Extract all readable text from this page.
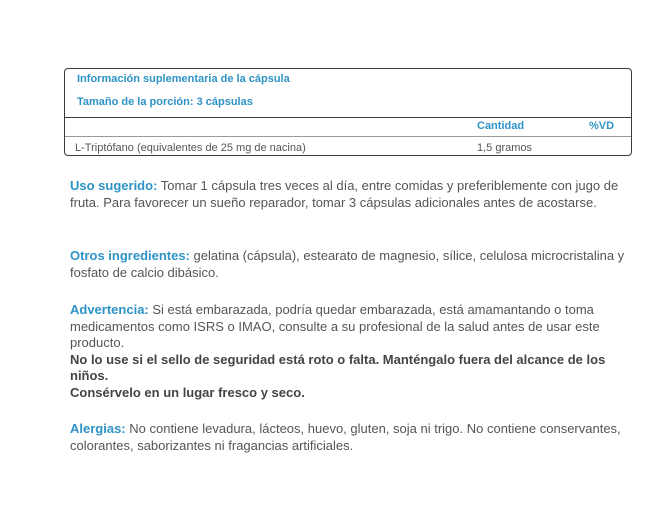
Información suplementaria de la cápsula
Tamaño de la porción: 3 cápsulas
Cantidad	%VD
L-Triptófano (equivalentes de 25 mg de nacina)	1,5 gramos
Uso sugerido: Tomar 1 cápsula tres veces al día, entre comidas y preferiblemente con jugo de fruta. Para favorecer un sueño reparador, tomar 3 cápsulas adicionales antes de acostarse.
Otros ingredientes: gelatina (cápsula), estearato de magnesio, sílice, celulosa microcristalina y fosfato de calcio dibásico.
Advertencia: Si está embarazada, podría quedar embarazada, está amamantando o toma medicamentos como ISRS o IMAO, consulte a su profesional de la salud antes de usar este producto.
No lo use si el sello de seguridad está roto o falta. Manténgalo fuera del alcance de los niños.
Consérvelo en un lugar fresco y seco.
Alergias: No contiene levadura, lácteos, huevo, gluten, soja ni trigo. No contiene conservantes, colorantes, saborizantes ni fragancias artificiales.
